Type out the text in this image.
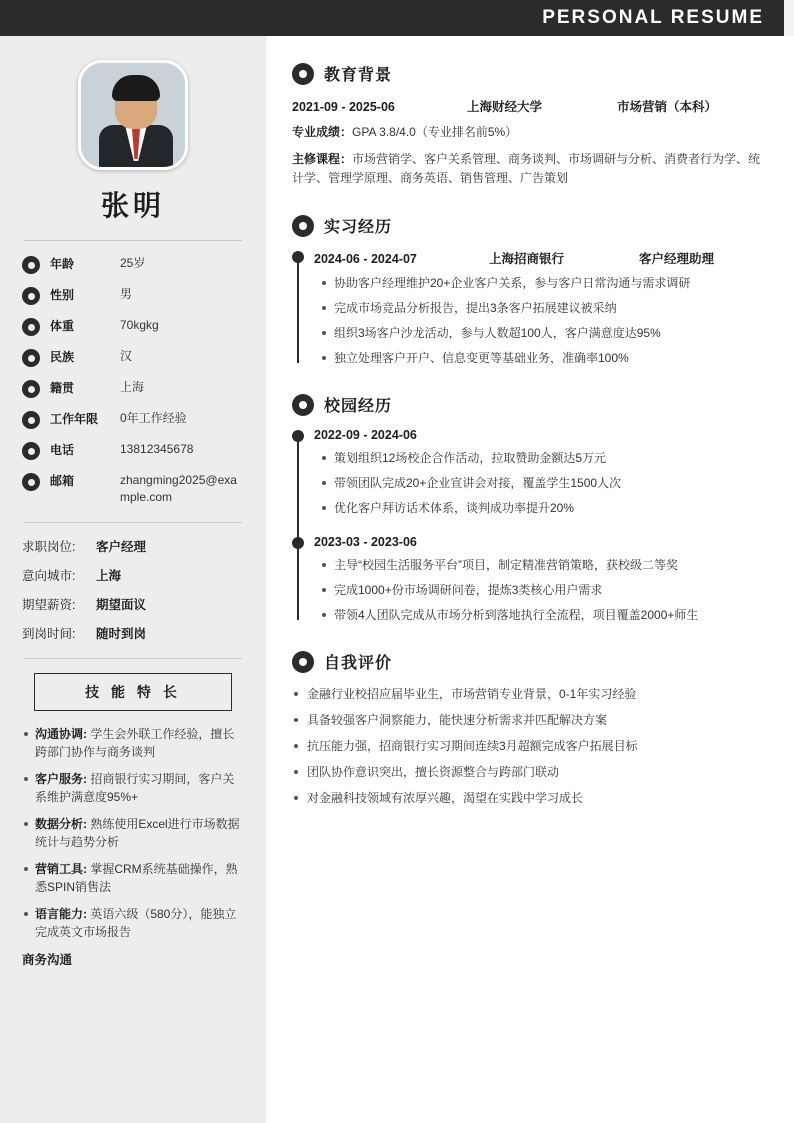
PERSONAL RESUME
张明
年龄	25岁
性别	男
体重	70kgkg
民族	汉
籍贯	上海
工作年限	0年工作经验
电话	13812345678
邮箱	zhangming2025@example.com
求职岗位:	客户经理
意向城市:	上海
期望薪资:	期望面议
到岗时间:	随时到岗
技 能 特 长
沟通协调: 学生会外联工作经验，擅长跨部门协作与商务谈判
客户服务: 招商银行实习期间，客户关系维护满意度95%+
数据分析: 熟练使用Excel进行市场数据统计与趋势分析
营销工具: 掌握CRM系统基础操作，熟悉SPIN销售法
语言能力: 英语六级（580分），能独立完成英文市场报告
商务沟通
教育背景
2021-09 - 2025-06	上海财经大学	市场营销（本科）
专业成绩：GPA 3.8/4.0（专业排名前5%）
主修课程：市场营销学、客户关系管理、商务谈判、市场调研与分析、消费者行为学、统计学、管理学原理、商务英语、销售管理、广告策划
实习经历
2024-06 - 2024-07	上海招商银行	客户经理助理
协助客户经理维护20+企业客户关系，参与客户日常沟通与需求调研
完成市场竞品分析报告，提出3条客户拓展建议被采纳
组织3场客户沙龙活动，参与人数超100人，客户满意度达95%
独立处理客户开户、信息变更等基础业务，准确率100%
校园经历
2022-09 - 2024-06
策划组织12场校企合作活动，拉取赞助金额达5万元
带领团队完成20+企业宣讲会对接，覆盖学生1500人次
优化客户拜访话术体系，谈判成功率提升20%
2023-03 - 2023-06
主导“校园生活服务平台”项目，制定精准营销策略，获校级二等奖
完成1000+份市场调研问卷，提炼3类核心用户需求
带领4人团队完成从市场分析到落地执行全流程，项目覆盖2000+师生
自我评价
金融行业校招应届毕业生，市场营销专业背景，0-1年实习经验
具备较强客户洞察能力，能快速分析需求并匹配解决方案
抗压能力强，招商银行实习期间连续3月超额完成客户拓展目标
团队协作意识突出，擅长资源整合与跨部门联动
对金融科技领域有浓厚兴趣，渴望在实践中学习成长
